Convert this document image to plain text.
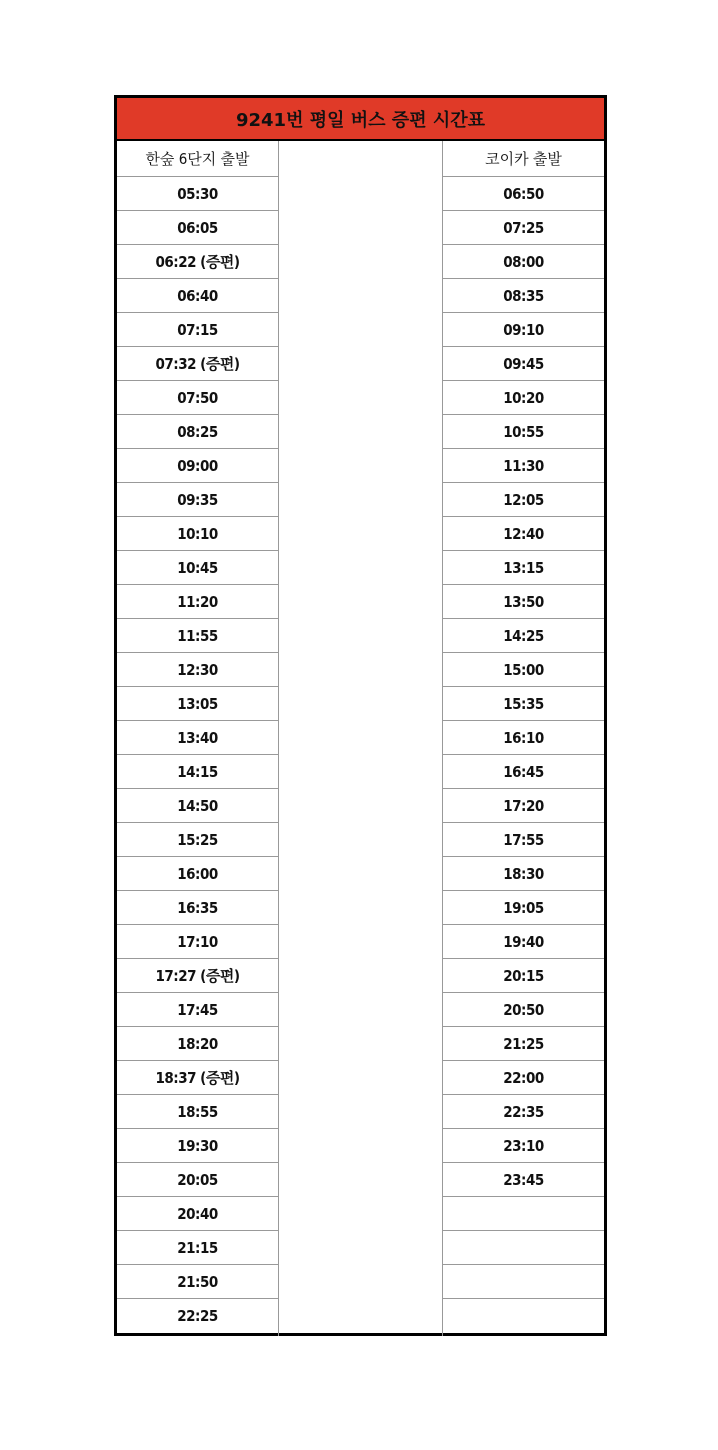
9241번 평일 버스 증편 시간표
한숲 6단지 출발
05:30
06:05
06:22 (증편)
06:40
07:15
07:32 (증편)
07:50
08:25
09:00
09:35
10:10
10:45
11:20
11:55
12:30
13:05
13:40
14:15
14:50
15:25
16:00
16:35
17:10
17:27 (증편)
17:45
18:20
18:37 (증편)
18:55
19:30
20:05
20:40
21:15
21:50
22:25
코이카 출발
06:50
07:25
08:00
08:35
09:10
09:45
10:20
10:55
11:30
12:05
12:40
13:15
13:50
14:25
15:00
15:35
16:10
16:45
17:20
17:55
18:30
19:05
19:40
20:15
20:50
21:25
22:00
22:35
23:10
23:45
